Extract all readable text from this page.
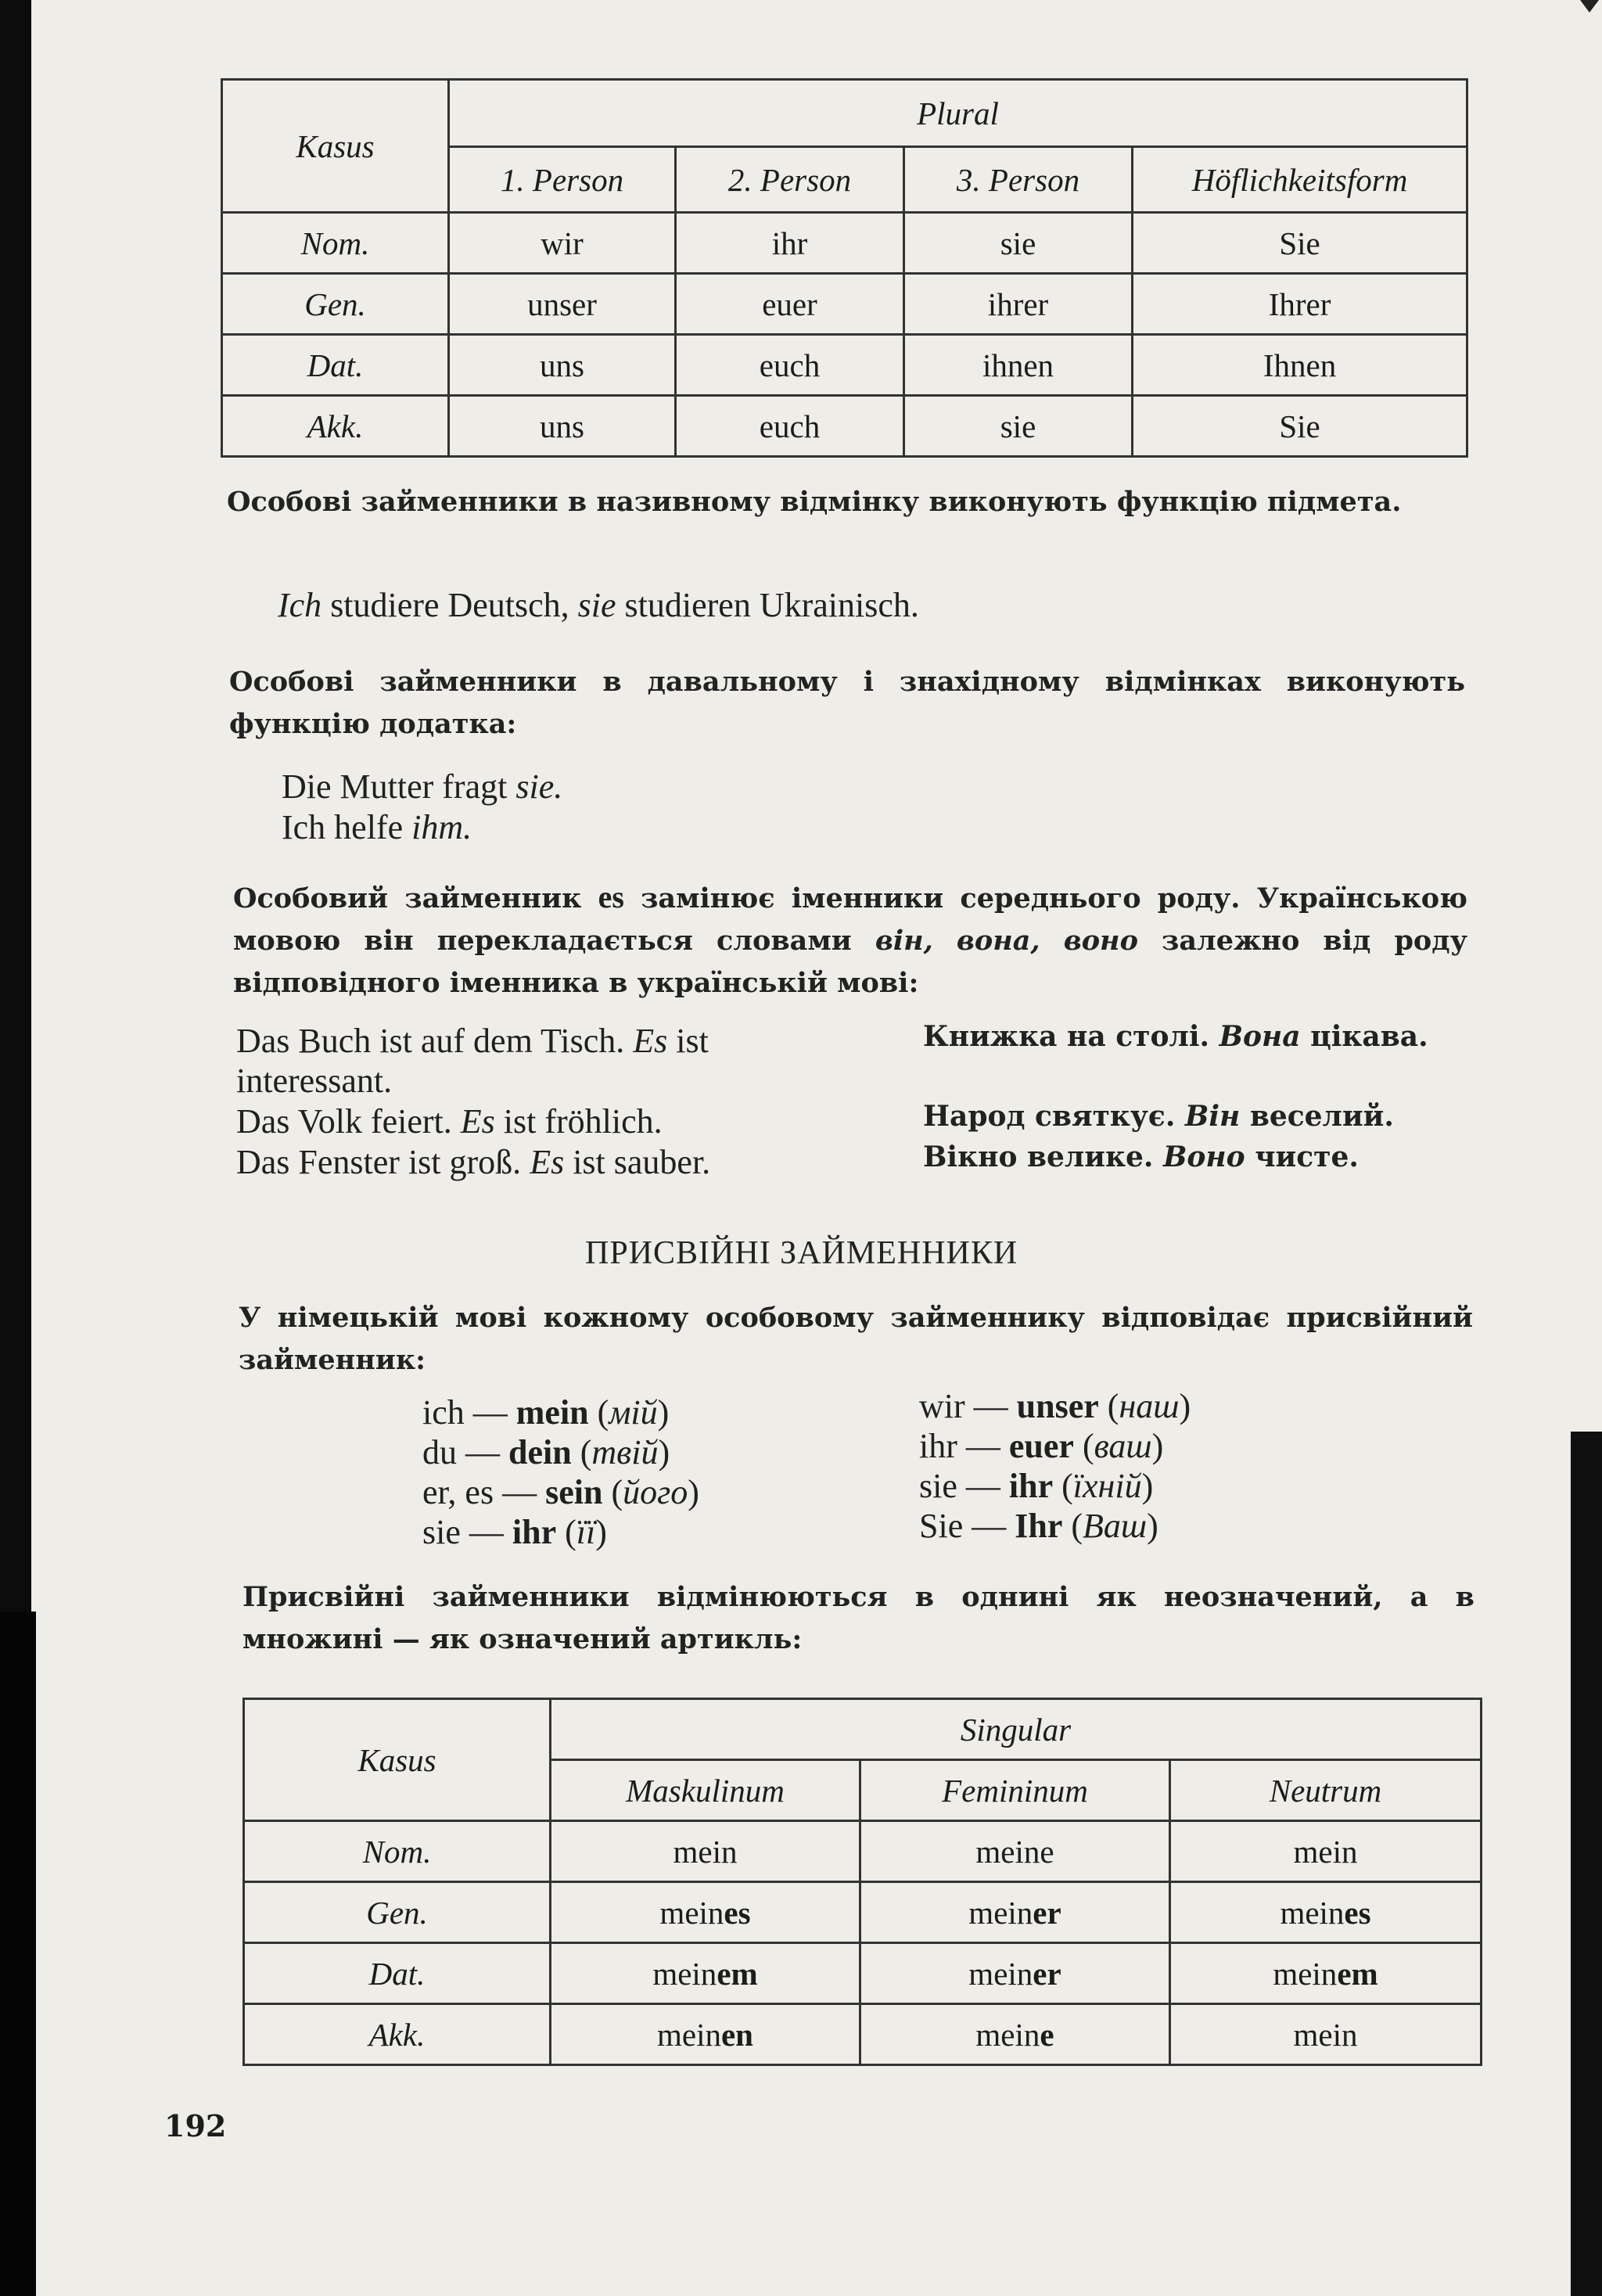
Kasus	Plural			
	1. Person	2. Person	3. Person	Höflichkeitsform
Nom.	wir	ihr	sie	Sie
Gen.	unser	euer	ihrer	Ihrer
Dat.	uns	euch	ihnen	Ihnen
Akk.	uns	euch	sie	Sie

Особові займенники в називному відмінку виконують функцію підмета.

Ich studiere Deutsch, sie studieren Ukrainisch.

Особові займенники в давальному і знахідному відмінках виконують функцію додатка:

Die Mutter fragt sie.

Ich helfe ihm.

Особовий займенник es замінює іменники середнього роду. Українською мовою він перекладається словами він, вона, воно залежно від роду відповідного іменника в українській мові:

Das Buch ist auf dem Tisch. Es ist

interessant.

Das Volk feiert. Es ist fröhlich.

Das Fenster ist groß. Es ist sauber.

Книжка на столі. Вона цікава.

Народ святкує. Він веселий.

Вікно велике. Воно чисте.

ПРИСВІЙНІ ЗАЙМЕННИКИ

У німецькій мові кожному особовому займеннику відповідає присвійний займенник:

ich — mein (мій)
du — dein (твій)
er, es — sein (його)
sie — ihr (її)
wir — unser (наш)
ihr — euer (ваш)
sie — ihr (їхній)
Sie — Ihr (Ваш)

Присвійні займенники відмінюються в однині як неозначений, а в множині — як означений артикль:

Kasus	Singular		
	Maskulinum	Femininum	Neutrum
Nom.	mein	meine	mein
Gen.	meines	meiner	meines
Dat.	meinem	meiner	meinem
Akk.	meinen	meine	mein

192
